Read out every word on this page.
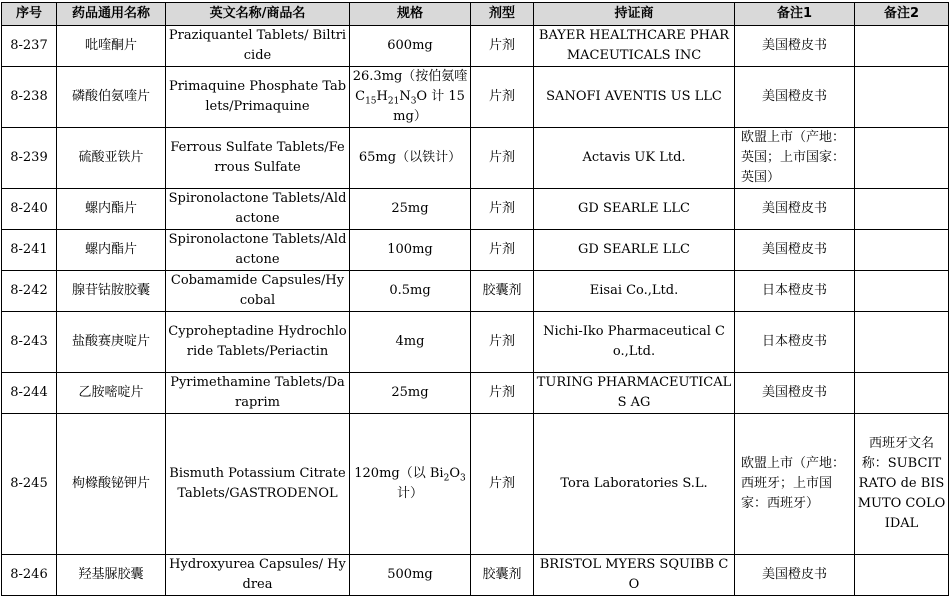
序号	药品通用名称	英文名称/商品名	规格	剂型	持证商	备注1	备注2
8-237	吡喹酮片	Praziquantel Tablets/ Biltricide	600mg	片剂	BAYER HEALTHCARE PHARMACEUTICALS INC	美国橙皮书	
8-238	磷酸伯氨喹片	Primaquine Phosphate Tablets/Primaquine	26.3mg（按伯氨喹 $C_{15}H_{21}N_3O$ 计 15mg）	片剂	SANOFI AVENTIS US LLC	美国橙皮书	
8-239	硫酸亚铁片	Ferrous Sulfate Tablets/Ferrous Sulfate	65mg（以铁计）	片剂	Actavis UK Ltd.	欧盟上市（产地：英国；上市国家：英国）	
8-240	螺内酯片	Spironolactone Tablets/Aldactone	25mg	片剂	GD SEARLE LLC	美国橙皮书	
8-241	螺内酯片	Spironolactone Tablets/Aldactone	100mg	片剂	GD SEARLE LLC	美国橙皮书	
8-242	腺苷钴胺胶囊	Cobamamide Capsules/Hycobal	0.5mg	胶囊剂	Eisai Co.,Ltd.	日本橙皮书	
8-243	盐酸赛庚啶片	Cyproheptadine Hydrochloride Tablets/Periactin	4mg	片剂	Nichi-Iko Pharmaceutical Co.,Ltd.	日本橙皮书	
8-244	乙胺嘧啶片	Pyrimethamine Tablets/Daraprim	25mg	片剂	TURING PHARMACEUTICALS AG	美国橙皮书	
8-245	枸橼酸铋钾片	Bismuth Potassium Citrate Tablets/GASTRODENOL	120mg（以 $Bi_2O_3$ 计）	片剂	Tora Laboratories S.L.	欧盟上市（产地：西班牙；上市国家：西班牙）	西班牙文名称：SUBCITRATO de BISMUTO COLOIDAL
8-246	羟基脲胶囊	Hydroxyurea Capsules/ Hydrea	500mg	胶囊剂	BRISTOL MYERS SQUIBB CO	美国橙皮书	
